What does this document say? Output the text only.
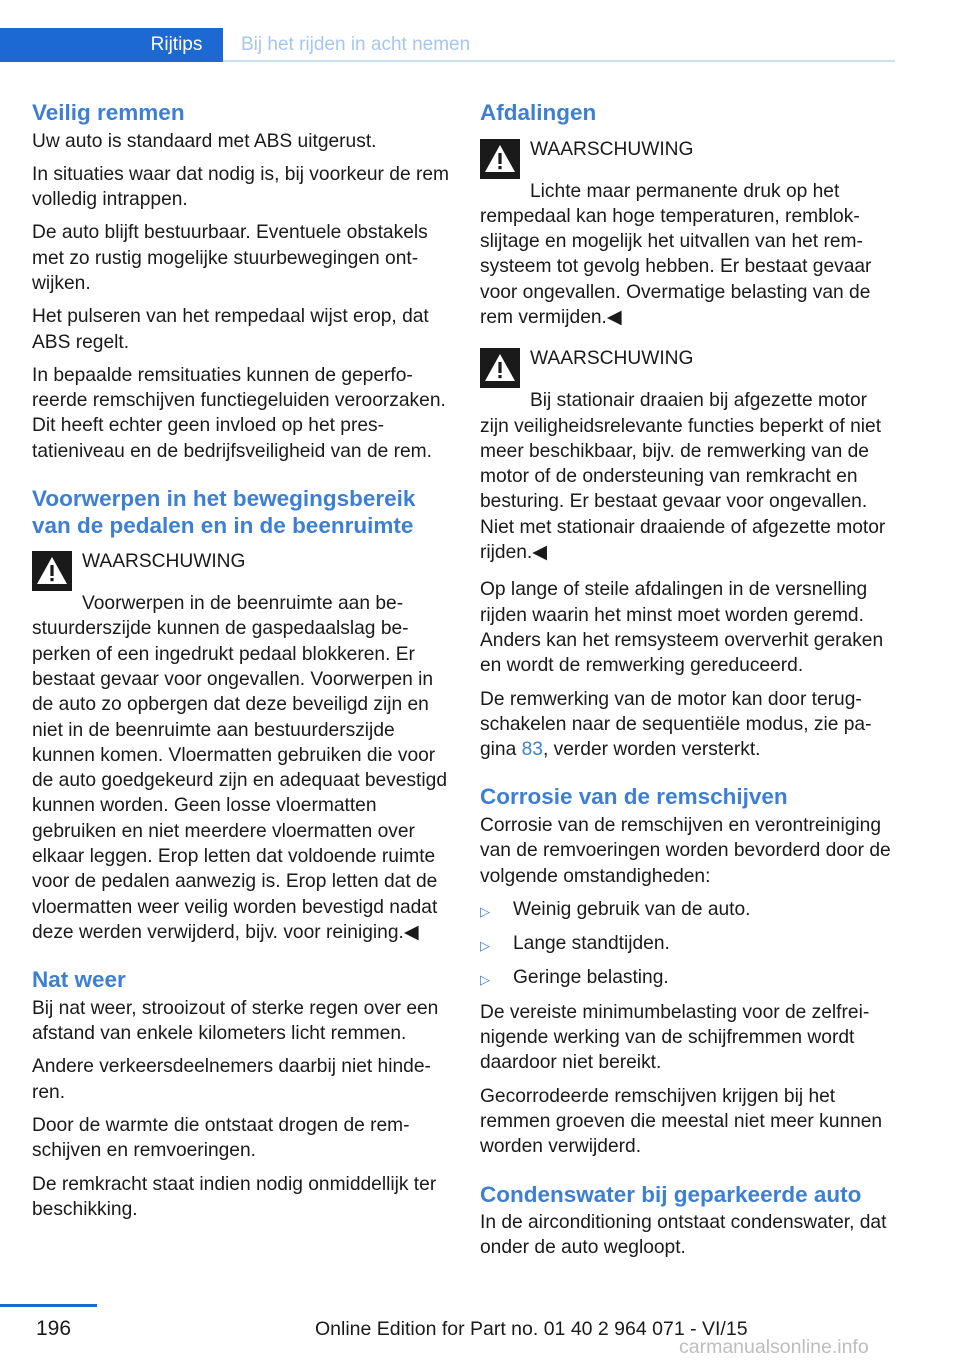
Rijtips	Bij het rijden in acht nemen
Veilig remmen

Uw auto is standaard met ABS uitgerust.

In situaties waar dat nodig is, bij voorkeur de rem volledig intrappen.

De auto blijft bestuurbaar. Eventuele obstakels met zo rustig mogelijke stuurbewegingen ontwijken.

Het pulseren van het rempedaal wijst erop, dat ABS regelt.

In bepaalde remsituaties kunnen de geperforeerde remschijven functiegeluiden veroorzaken. Dit heeft echter geen invloed op het prestatieniveau en de bedrijfsveiligheid van de rem.

Voorwerpen in het bewegingsbereik van de pedalen en in de beenruimte
WAARSCHUWING
Voorwerpen in de beenruimte aan bestuurderszijde kunnen de gaspedaalslag beperken of een ingedrukt pedaal blokkeren. Er bestaat gevaar voor ongevallen. Voorwerpen in de auto zo opbergen dat deze beveiligd zijn en niet in de beenruimte aan bestuurderszijde kunnen komen. Vloermatten gebruiken die voor de auto goedgekeurd zijn en adequaat bevestigd kunnen worden. Geen losse vloermatten gebruiken en niet meerdere vloermatten over elkaar leggen. Erop letten dat voldoende ruimte voor de pedalen aanwezig is. Erop letten dat de vloermatten weer veilig worden bevestigd nadat deze werden verwijderd, bijv. voor reiniging.◀
Nat weer

Bij nat weer, strooizout of sterke regen over een afstand van enkele kilometers licht remmen.

Andere verkeersdeelnemers daarbij niet hinderen.

Door de warmte die ontstaat drogen de remschijven en remvoeringen.

De remkracht staat indien nodig onmiddellijk ter beschikking.

Afdalingen
WAARSCHUWING
Lichte maar permanente druk op het rempedaal kan hoge temperaturen, remblokslijtage en mogelijk het uitvallen van het remsysteem tot gevolg hebben. Er bestaat gevaar voor ongevallen. Overmatige belasting van de rem vermijden.◀
WAARSCHUWING
Bij stationair draaien bij afgezette motor zijn veiligheidsrelevante functies beperkt of niet meer beschikbaar, bijv. de remwerking van de motor of de ondersteuning van remkracht en besturing. Er bestaat gevaar voor ongevallen. Niet met stationair draaiende of afgezette motor rijden.◀

Op lange of steile afdalingen in de versnelling rijden waarin het minst moet worden geremd. Anders kan het remsysteem oververhit geraken en wordt de remwerking gereduceerd.

De remwerking van de motor kan door terugschakelen naar de sequentiële modus, zie pagina 83, verder worden versterkt.

Corrosie van de remschijven

Corrosie van de remschijven en verontreiniging van de remvoeringen worden bevorderd door de volgende omstandigheden:

▷	Weinig gebruik van de auto.
▷	Lange standtijden.
▷	Geringe belasting.

De vereiste minimumbelasting voor de zelfreinigende werking van de schijfremmen wordt daardoor niet bereikt.

Gecorrodeerde remschijven krijgen bij het remmen groeven die meestal niet meer kunnen worden verwijderd.

Condenswater bij geparkeerde auto

In de airconditioning ontstaat condenswater, dat onder de auto wegloopt.

196	Online Edition for Part no. 01 40 2 964 071 - VI/15
carmanualsonline.info
